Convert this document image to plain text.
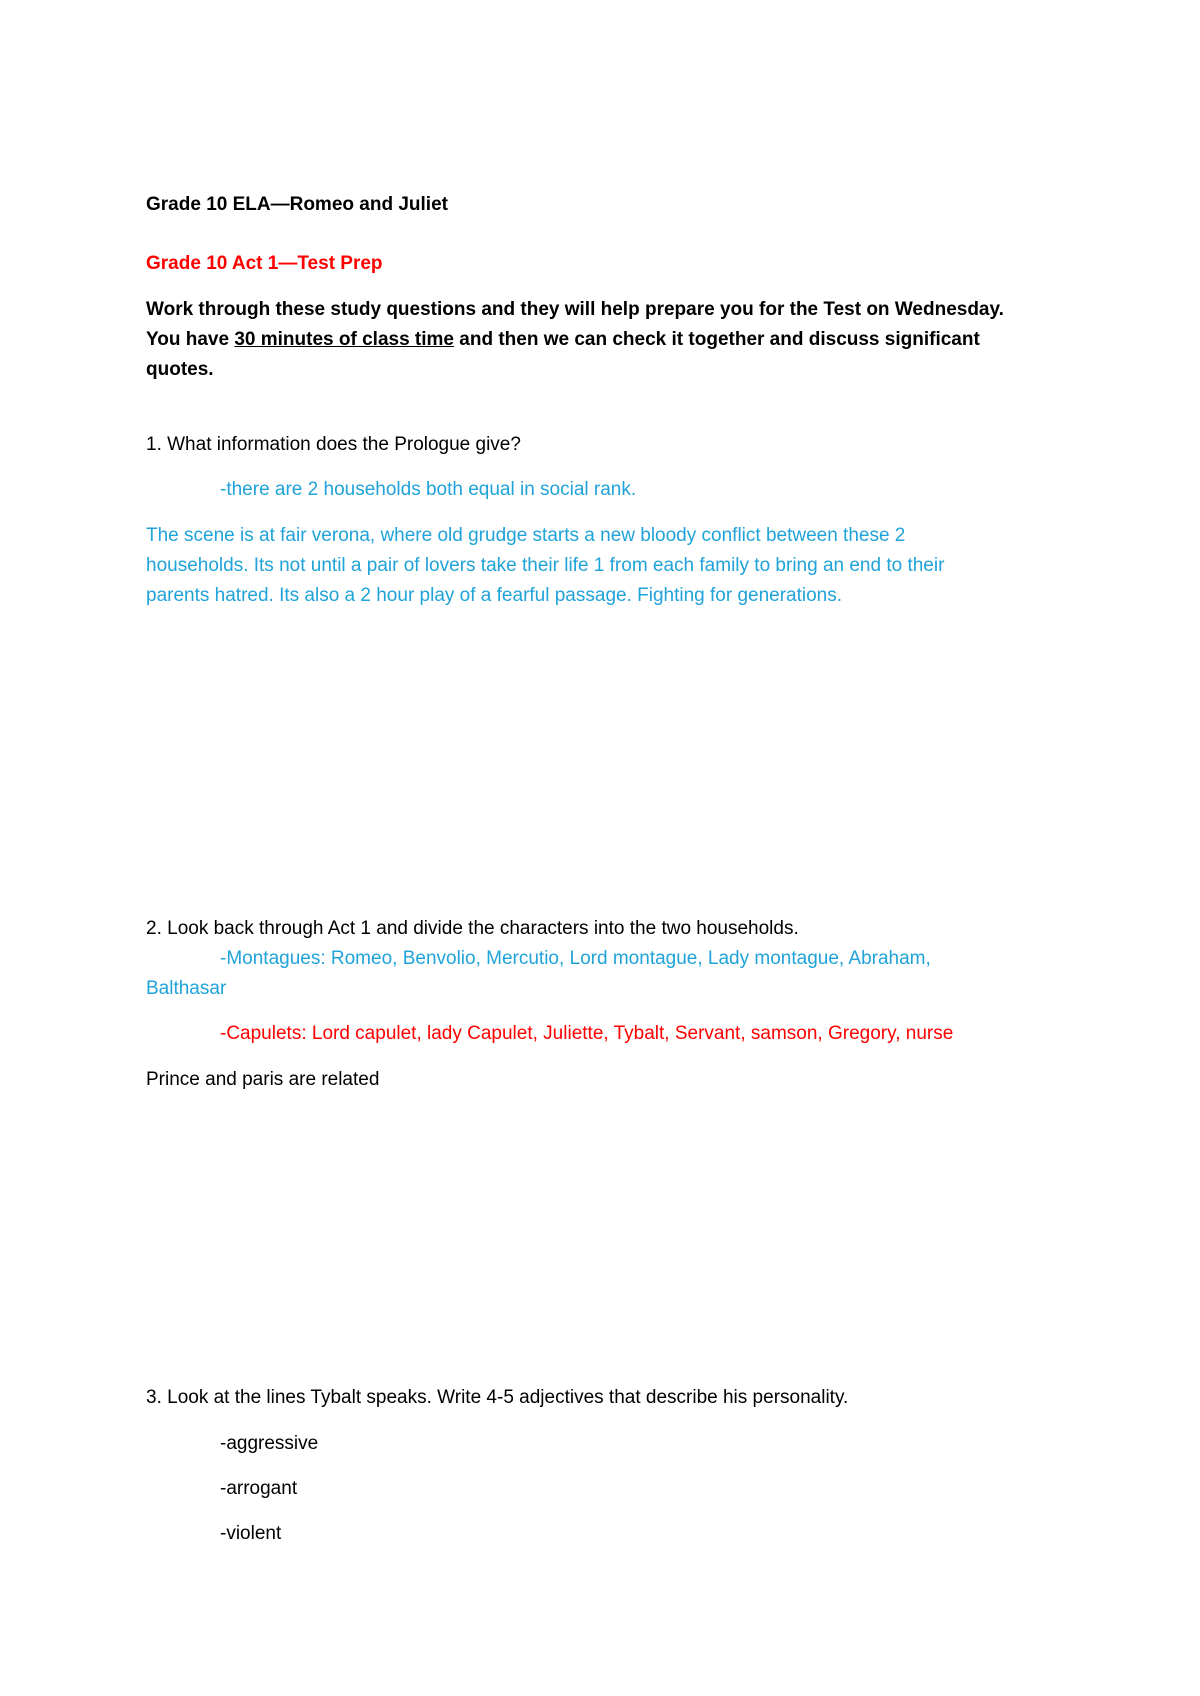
Grade 10 ELA—Romeo and Juliet
Grade 10 Act 1—Test Prep
Work through these study questions and they will help prepare you for the Test on Wednesday.
You have 30 minutes of class time and then we can check it together and discuss significant
quotes.
1. What information does the Prologue give?
-there are 2 households both equal in social rank.
The scene is at fair verona, where old grudge starts a new bloody conflict between these 2
households. Its not until a pair of lovers take their life 1 from each family to bring an end to their
parents hatred. Its also a 2 hour play of a fearful passage. Fighting for generations.
2. Look back through Act 1 and divide the characters into the two households.
-Montagues: Romeo, Benvolio, Mercutio, Lord montague, Lady montague, Abraham,
Balthasar
-Capulets: Lord capulet, lady Capulet, Juliette, Tybalt, Servant, samson, Gregory, nurse
Prince and paris are related
3. Look at the lines Tybalt speaks. Write 4-5 adjectives that describe his personality.
-aggressive
-arrogant
-violent
